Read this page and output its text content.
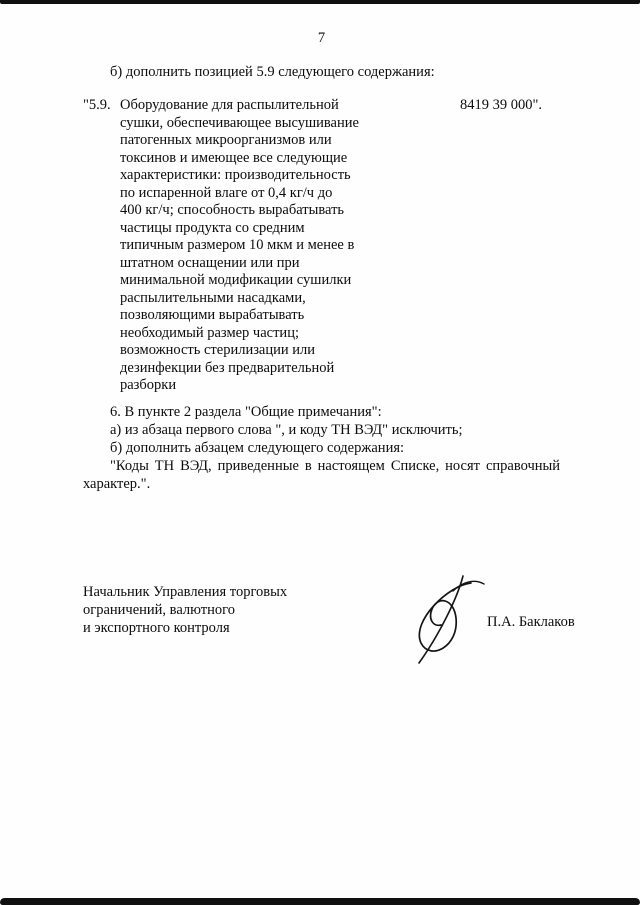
7

б) дополнить позицией 5.9 следующего содержания:

"5.9. Оборудование для распылительной
сушки, обеспечивающее высушивание
патогенных микроорганизмов или
токсинов и имеющее все следующие
характеристики: производительность
по испаренной влаге от 0,4 кг/ч до
400 кг/ч; способность вырабатывать
частицы продукта со средним
типичным размером 10 мкм и менее в
штатном оснащении или при
минимальной модификации сушилки
распылительными насадками,
позволяющими вырабатывать
необходимый размер частиц;
возможность стерилизации или
дезинфекции без предварительной
разборки
8419 39 000".

6. В пункте 2 раздела "Общие примечания":

а) из абзаца первого слова ", и коду ТН ВЭД" исключить;

б) дополнить абзацем следующего содержания:

"Коды ТН ВЭД, приведенные в настоящем Списке, носят справочный характер.".

Начальник Управления торговых
ограничений, валютного
и экспортного контроля	П.А. Баклаков
